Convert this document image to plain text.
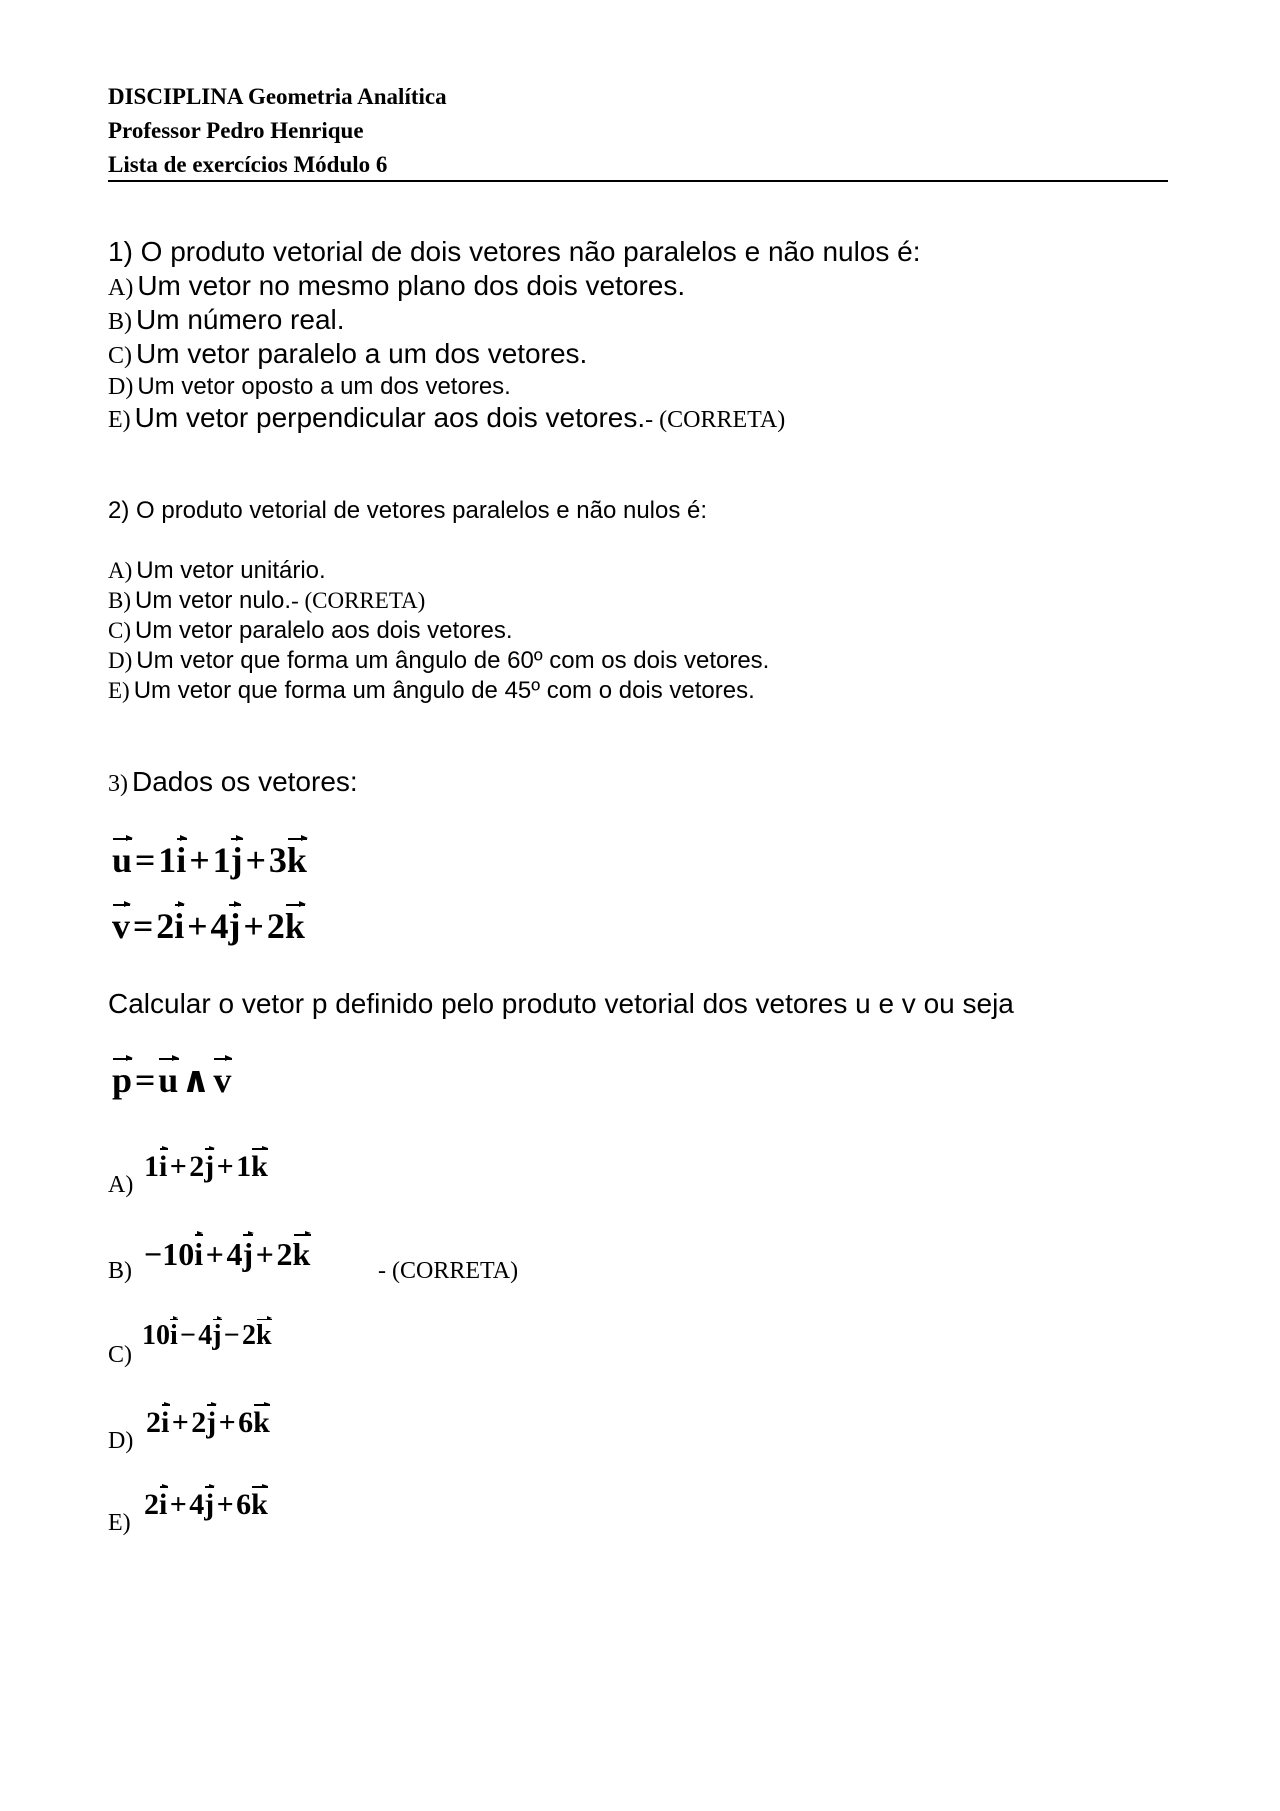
DISCIPLINA Geometria Analítica
Professor Pedro Henrique
Lista de exercícios Módulo 6
1) O produto vetorial de dois vetores não paralelos e não nulos é:
A) Um vetor no mesmo plano dos dois vetores.
B) Um número real.
C) Um vetor paralelo a um dos vetores.
D) Um vetor oposto a um dos vetores.
E) Um vetor perpendicular aos dois vetores.- (CORRETA)
2) O produto vetorial de vetores paralelos e não nulos é:
A) Um vetor unitário.
B) Um vetor nulo.- (CORRETA)
C) Um vetor paralelo aos dois vetores.
D) Um vetor que forma um ângulo de 60º com os dois vetores.
E) Um vetor que forma um ângulo de 45º com o dois vetores.
3) Dados os vetores:
u=1i+1j+3k
v=2i+4j+2k
Calcular o vetor p definido pelo produto vetorial dos vetores u e v ou seja
p=u∧v
A)
1i+2j+1k
B) −10i+4j+2k	- (CORRETA)
C)
10i−4j−2k
D)
2i+2j+6k
E)
2i+4j+6k
